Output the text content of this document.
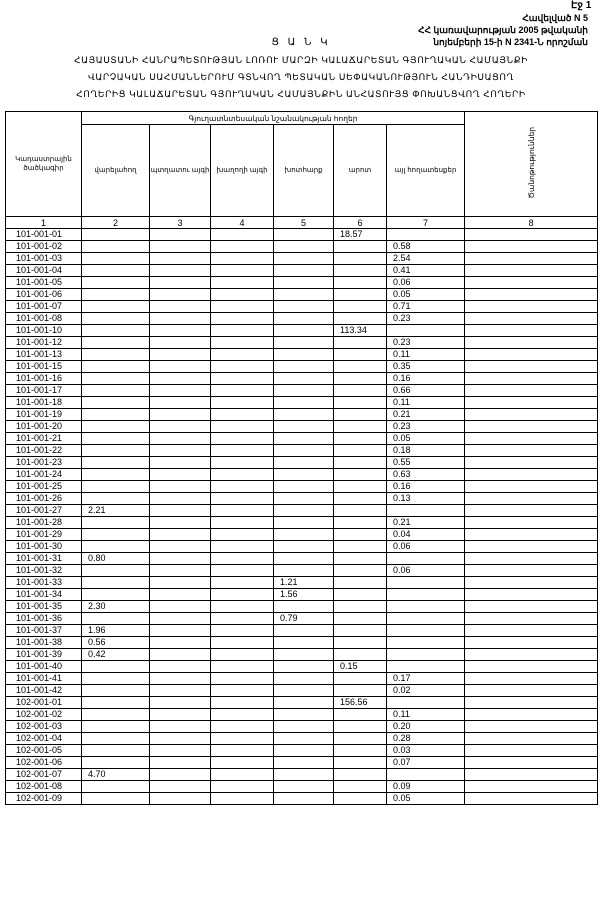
Էջ 1
Հավելված N 5
ՀՀ կառավարության 2005 թվականի
նոյեմբերի 15-ի N 2341-Ն որոշման
Ց Ա Ն Կ
ՀԱՅԱՍՏԱՆԻ ՀԱՆՐԱՊԵՏՈՒԹՅԱՆ ԼՈՌՈՒ ՄԱՐԶԻ ԿԱԼԱՃԱՐԵՏԱՆ ԳՅՈՒՂԱԿԱՆ ՀԱՄԱՅՆՔԻ
ՎԱՐՉԱԿԱՆ ՍԱՀՄԱՆՆԵՐՈՒՄ ԳՏՆՎՈՂ ՊԵՏԱԿԱՆ ՍԵՓԱԿԱՆՈՒԹՅՈՒՆ ՀԱՆԴԻՍԱՑՈՂ
ՀՈՂԵՐԻՑ ԿԱԼԱՃԱՐԵՏԱՆ ԳՅՈՒՂԱԿԱՆ ՀԱՄԱՅՆՔԻՆ ԱՆՀԱՏՈՒՅՑ ՓՈԽԱՆՑՎՈՂ ՀՈՂԵՐԻ
Կադաստրային ծածկագիր	Գյուղատնտեսական նշանակության հողեր						Ծանոթություններ
	վարելահող	պտղատու այգի	խաղողի այգի	խոտհարք	արոտ	այլ հողատեսքեր	
1	2	3	4	5	6	7	8
101-001-01					18.57		
101-001-02						0.58	
101-001-03						2.54	
101-001-04						0.41	
101-001-05						0.06	
101-001-06						0.05	
101-001-07						0.71	
101-001-08						0.23	
101-001-10					113.34		
101-001-12						0.23	
101-001-13						0.11	
101-001-15						0.35	
101-001-16						0.16	
101-001-17						0.66	
101-001-18						0.11	
101-001-19						0.21	
101-001-20						0.23	
101-001-21						0.05	
101-001-22						0.18	
101-001-23						0.55	
101-001-24						0.63	
101-001-25						0.16	
101-001-26						0.13	
101-001-27	2.21						
101-001-28						0.21	
101-001-29						0.04	
101-001-30						0.06	
101-001-31	0.80						
101-001-32						0.06	
101-001-33				1.21			
101-001-34				1.56			
101-001-35	2.30						
101-001-36				0.79			
101-001-37	1.96						
101-001-38	0.56						
101-001-39	0.42						
101-001-40					0.15		
101-001-41						0.17	
101-001-42						0.02	
102-001-01					156.56		
102-001-02						0.11	
102-001-03						0.20	
102-001-04						0.28	
102-001-05						0.03	
102-001-06						0.07	
102-001-07	4.70						
102-001-08						0.09	
102-001-09						0.05	
